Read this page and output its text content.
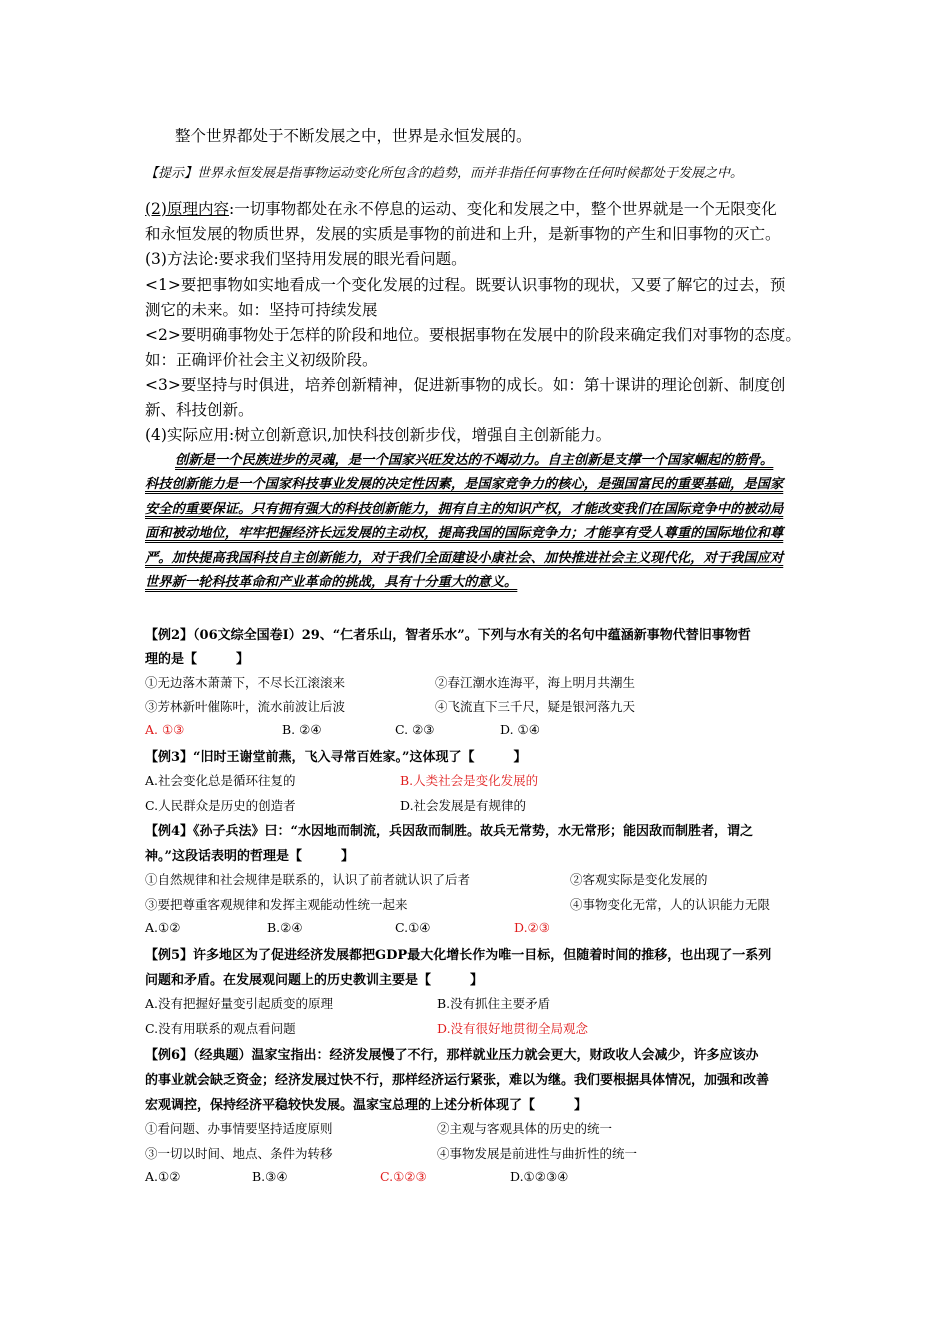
整个世界都处于不断发展之中，世界是永恒发展的。
【提示】世界永恒发展是指事物运动变化所包含的趋势，而并非指任何事物在任何时候都处于发展之中。
(2)原理内容:一切事物都处在永不停息的运动、变化和发展之中，整个世界就是一个无限变化
和永恒发展的物质世界，发展的实质是事物的前进和上升，是新事物的产生和旧事物的灭亡。
(3)方法论:要求我们坚持用发展的眼光看问题。
<1>要把事物如实地看成一个变化发展的过程。既要认识事物的现状，又要了解它的过去，预
测它的未来。如：坚持可持续发展
<2>要明确事物处于怎样的阶段和地位。要根据事物在发展中的阶段来确定我们对事物的态度。
如：正确评价社会主义初级阶段。
<3>要坚持与时俱进，培养创新精神，促进新事物的成长。如：第十课讲的理论创新、制度创
新、科技创新。
(4)实际应用:树立创新意识,加快科技创新步伐，增强自主创新能力。
创新是一个民族进步的灵魂，是一个国家兴旺发达的不竭动力。自主创新是支撑一个国家崛起的筋骨。
科技创新能力是一个国家科技事业发展的决定性因素，是国家竞争力的核心，是强国富民的重要基础，是国家
安全的重要保证。只有拥有强大的科技创新能力，拥有自主的知识产权，才能改变我们在国际竞争中的被动局
面和被动地位，牢牢把握经济长远发展的主动权，提高我国的国际竞争力；才能享有受人尊重的国际地位和尊
严。加快提高我国科技自主创新能力，对于我们全面建设小康社会、加快推进社会主义现代化，对于我国应对
世界新一轮科技革命和产业革命的挑战，具有十分重大的意义。
【例2】（06文综全国卷Ⅰ）29、“仁者乐山，智者乐水”。下列与水有关的名句中蕴涵新事物代替旧事物哲
理的是【　　　】
①无边落木萧萧下，不尽长江滚滚来	②春江潮水连海平，海上明月共潮生
③芳林新叶催陈叶，流水前波让后波	④飞流直下三千尺，疑是银河落九天
A. ①③	B. ②④	C. ②③	D. ①④
【例3】“旧时王谢堂前燕，飞入寻常百姓家。”这体现了【　　　】
A.社会变化总是循环往复的	B.人类社会是变化发展的
C.人民群众是历史的创造者	D.社会发展是有规律的
【例4】《孙子兵法》曰：“水因地而制流，兵因敌而制胜。故兵无常势，水无常形；能因敌而制胜者，谓之
神。”这段话表明的哲理是【　　　】
①自然规律和社会规律是联系的，认识了前者就认识了后者	②客观实际是变化发展的
③要把尊重客观规律和发挥主观能动性统一起来	④事物变化无常，人的认识能力无限
A.①②	B.②④	C.①④	D.②③
【例5】许多地区为了促进经济发展都把GDP最大化增长作为唯一目标，但随着时间的推移，也出现了一系列
问题和矛盾。在发展观问题上的历史教训主要是【　　　】
A.没有把握好量变引起质变的原理	B.没有抓住主要矛盾
C.没有用联系的观点看问题	D.没有很好地贯彻全局观念
【例6】（经典题）温家宝指出：经济发展慢了不行，那样就业压力就会更大，财政收人会减少，许多应该办
的事业就会缺乏资金；经济发展过快不行，那样经济运行紧张，难以为继。我们要根据具体情况，加强和改善
宏观调控，保持经济平稳较快发展。温家宝总理的上述分析体现了【　　　】
①看问题、办事情要坚持适度原则	②主观与客观具体的历史的统一
③一切以时间、地点、条件为转移	④事物发展是前进性与曲折性的统一
A.①②	B.③④	C.①②③	D.①②③④
